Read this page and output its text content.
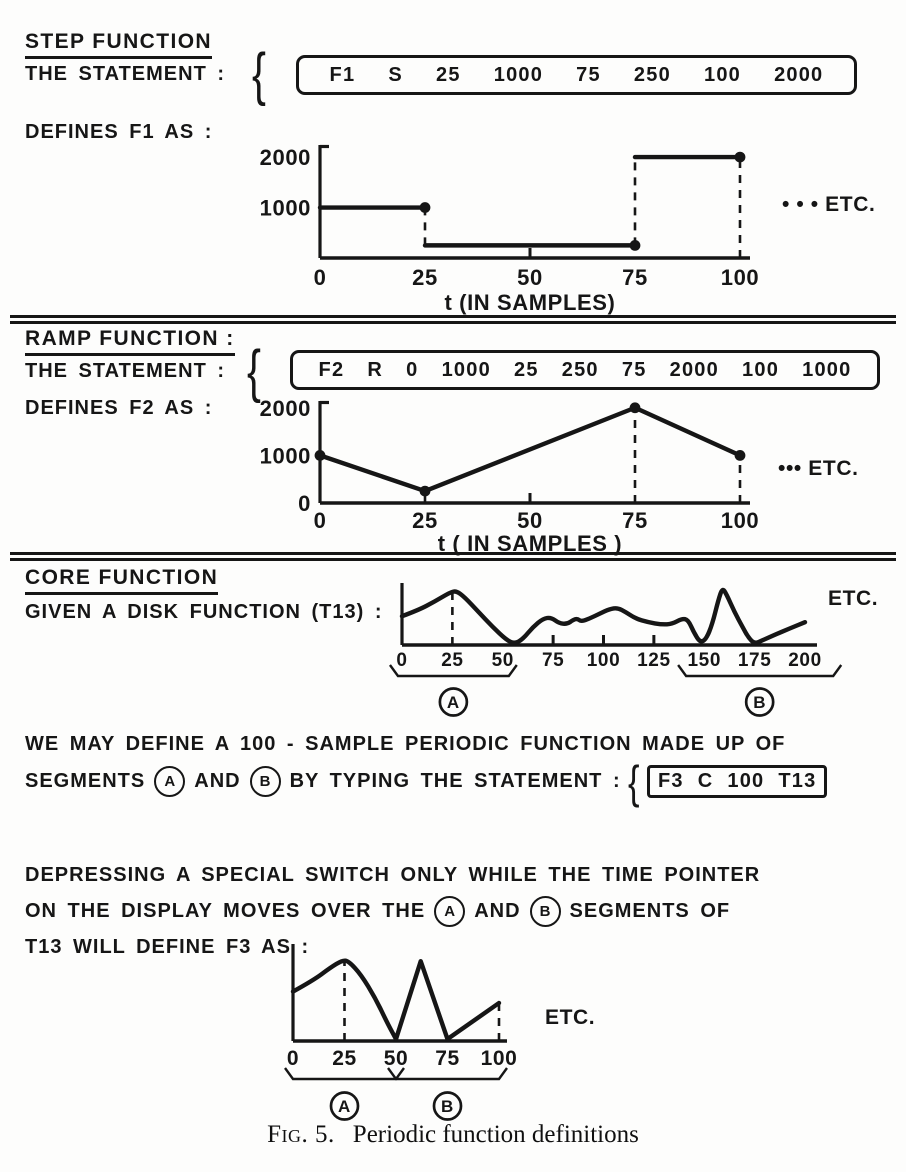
STEP FUNCTION
THE STATEMENT : {	F1 S 25 1000 75 250 100 2000
DEFINES F1 AS :
0	25	50	75	100
2000
1000
t (IN SAMPLES)
• • • ETC.
RAMP FUNCTION :
THE STATEMENT : {	F2 R 0 1000 25 250 75 2000 100 1000
DEFINES F2 AS :
0	25	50	75	100
2000
1000
0
t ( IN SAMPLES )
••• ETC.
CORE FUNCTION
GIVEN A DISK FUNCTION (T13) :
0 25 50 75 100 125 150 175 200
ETC.
A	B
WE MAY DEFINE A 100 - SAMPLE PERIODIC FUNCTION MADE UP OF
SEGMENTS	A AND	B BY TYPING THE STATEMENT : { F3 C 100 T13
DEPRESSING A SPECIAL SWITCH ONLY WHILE THE TIME POINTER
ON THE DISPLAY MOVES OVER THE	A AND	B SEGMENTS OF
T13 WILL DEFINE F3 AS :
0 25 50 75 100
ETC.
A	B
Fig. 5. Periodic function definitions
